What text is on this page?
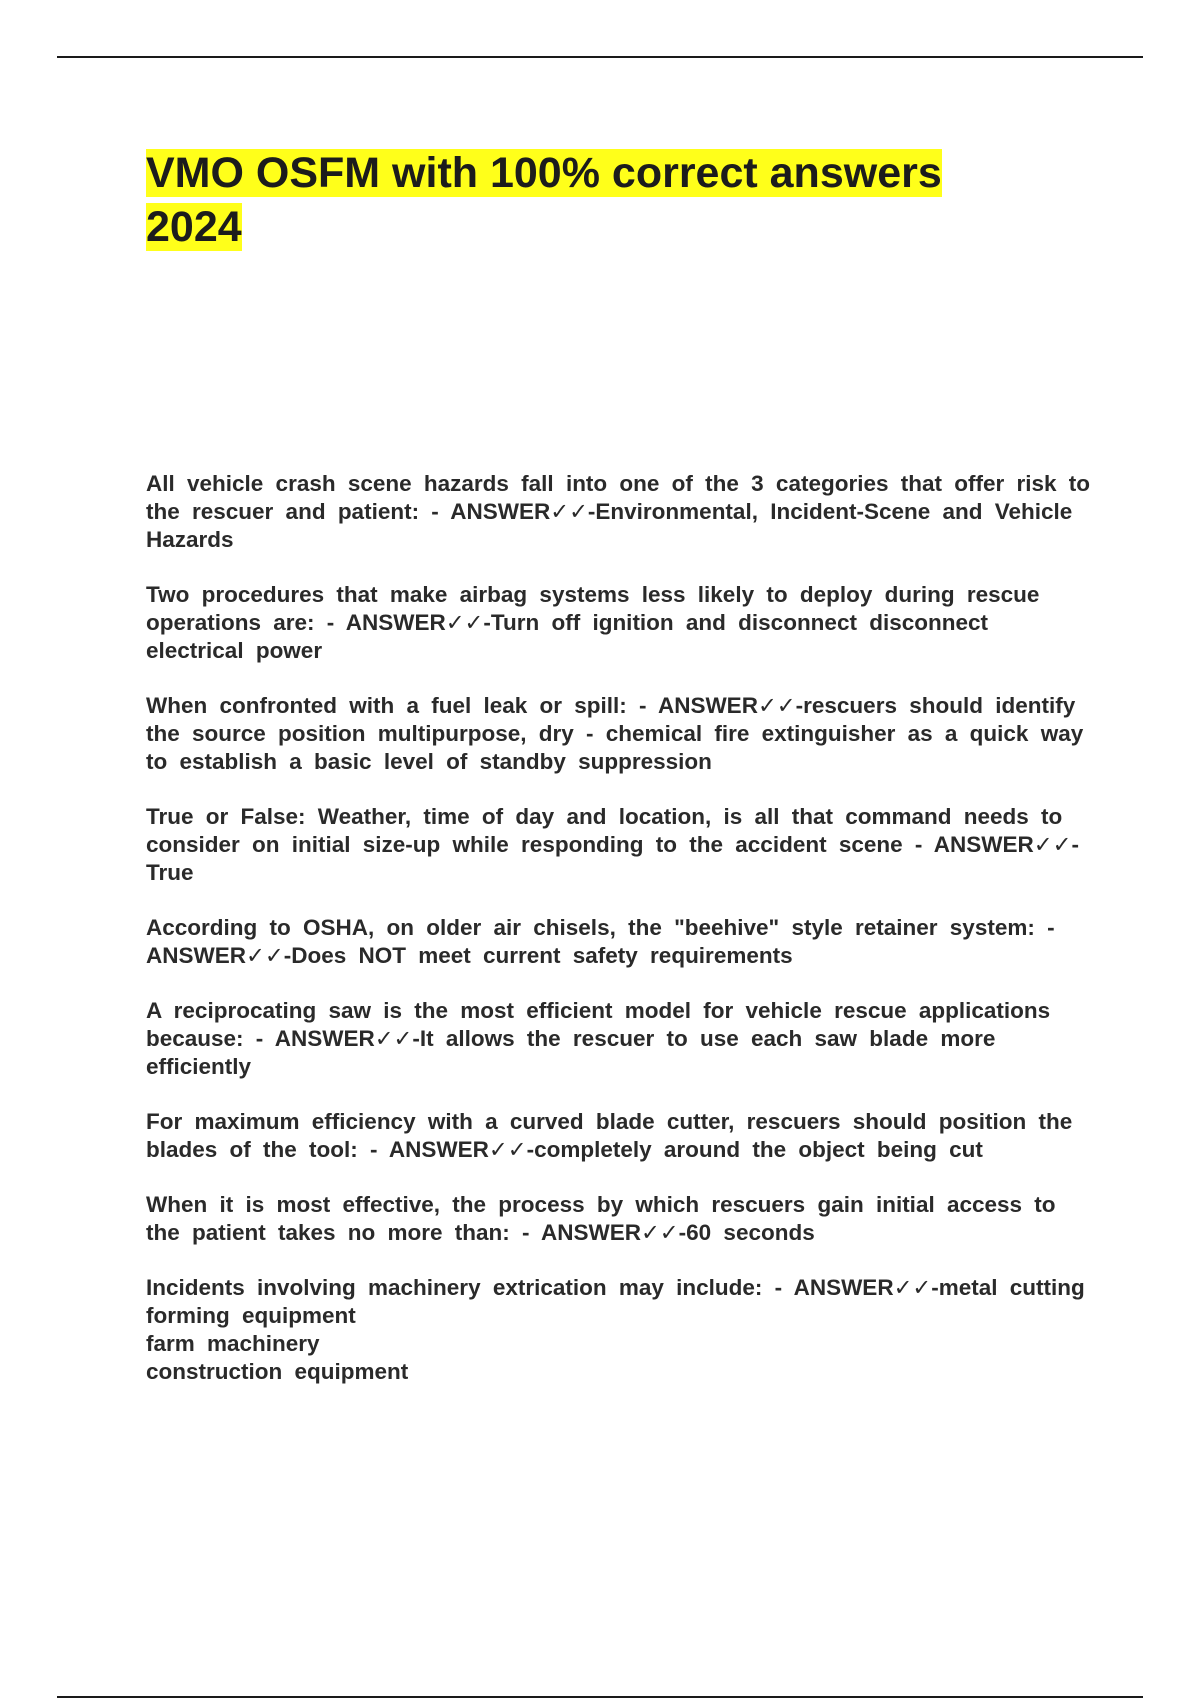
VMO OSFM with 100% correct answers 2024

All vehicle crash scene hazards fall into one of the 3 categories that offer risk to the rescuer and patient: - ANSWER✓✓-Environmental, Incident-Scene and Vehicle Hazards

Two procedures that make airbag systems less likely to deploy during rescue operations are: - ANSWER✓✓-Turn off ignition and disconnect disconnect electrical power

When confronted with a fuel leak or spill: - ANSWER✓✓-rescuers should identify the source position multipurpose, dry - chemical fire extinguisher as a quick way to establish a basic level of standby suppression

True or False: Weather, time of day and location, is all that command needs to consider on initial size-up while responding to the accident scene - ANSWER✓✓-True

According to OSHA, on older air chisels, the "beehive" style retainer system: - ANSWER✓✓-Does NOT meet current safety requirements

A reciprocating saw is the most efficient model for vehicle rescue applications because: - ANSWER✓✓-It allows the rescuer to use each saw blade more efficiently

For maximum efficiency with a curved blade cutter, rescuers should position the blades of the tool: - ANSWER✓✓-completely around the object being cut

When it is most effective, the process by which rescuers gain initial access to the patient takes no more than: - ANSWER✓✓-60 seconds

Incidents involving machinery extrication may include: - ANSWER✓✓-metal cutting
forming equipment
farm machinery
construction equipment
